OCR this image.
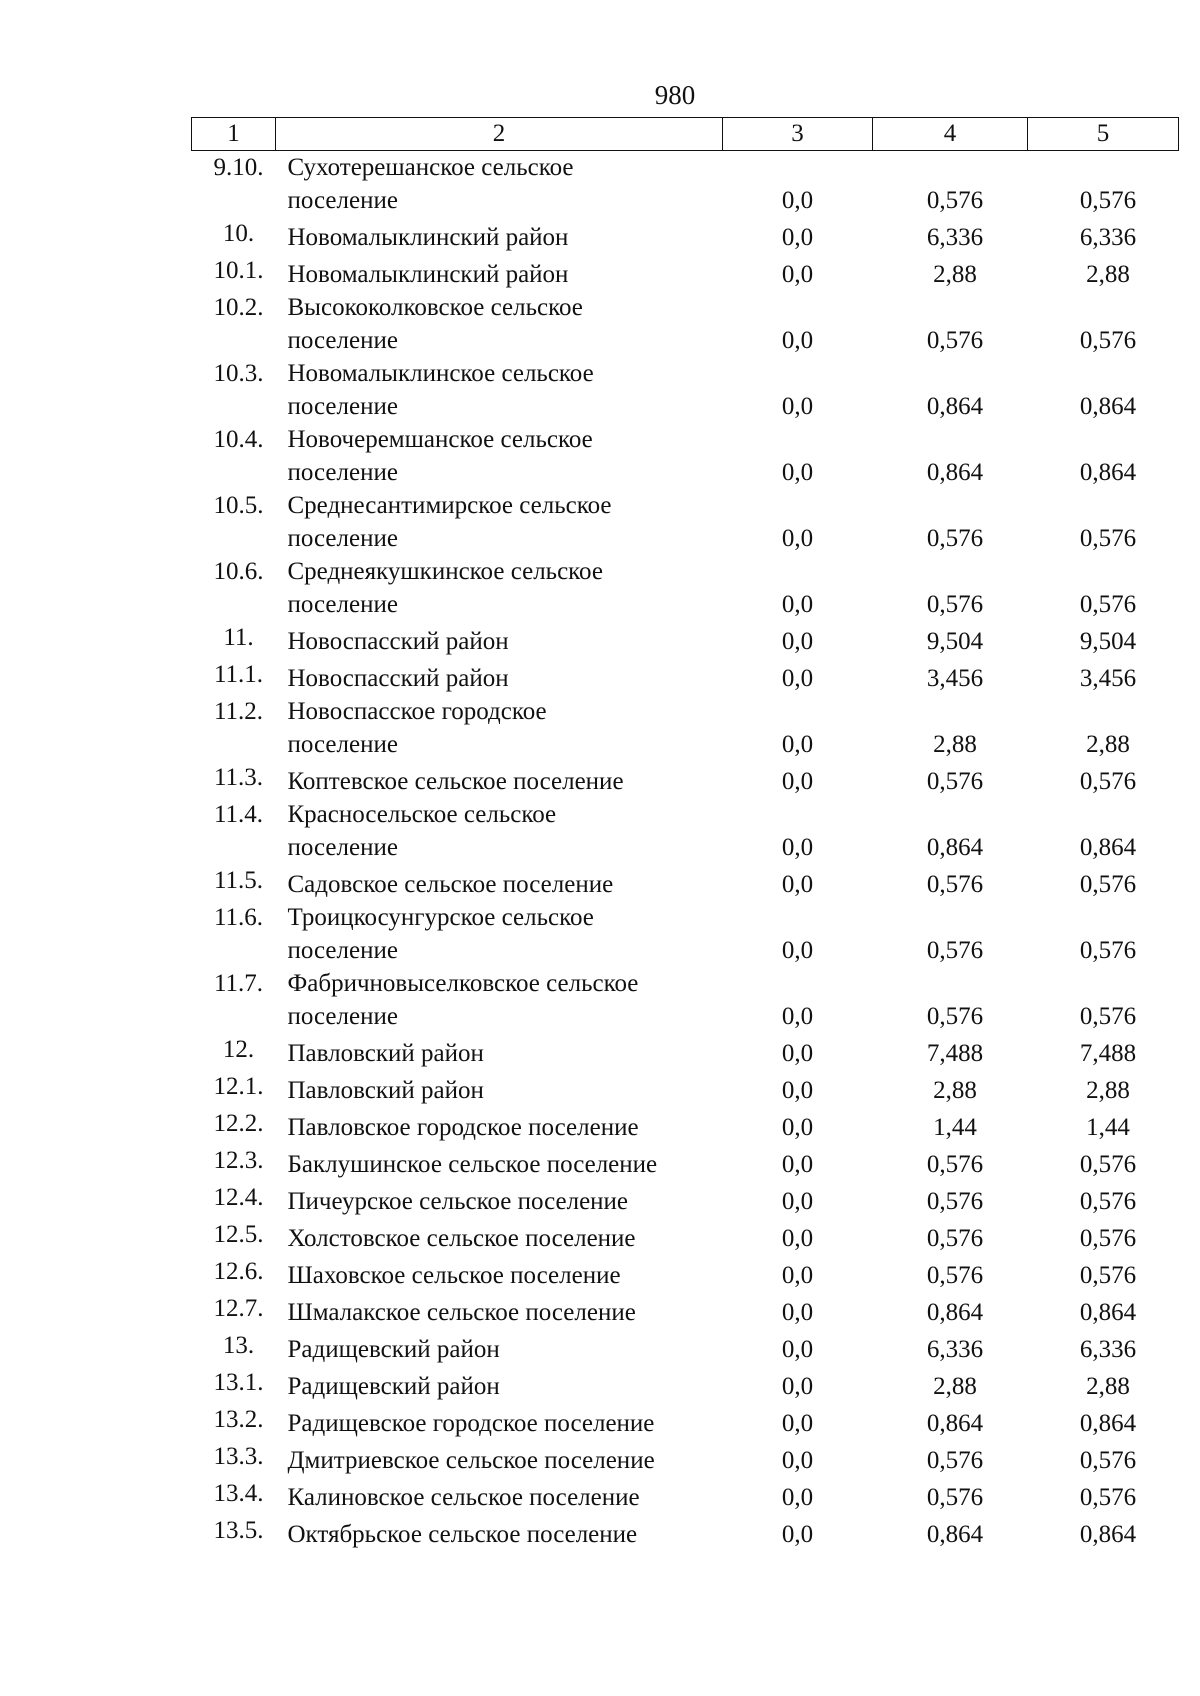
980
1	2	3	4	5
9.10.	Сухотерешанское сельское
поселение	0,0	0,576	0,576
10.	Новомалыклинский район	0,0	6,336	6,336
10.1.	Новомалыклинский район	0,0	2,88	2,88
10.2.	Высококолковское сельское
поселение	0,0	0,576	0,576
10.3.	Новомалыклинское сельское
поселение	0,0	0,864	0,864
10.4.	Новочеремшанское сельское
поселение	0,0	0,864	0,864
10.5.	Среднесантимирское сельское
поселение	0,0	0,576	0,576
10.6.	Среднеякушкинское сельское
поселение	0,0	0,576	0,576
11.	Новоспасский район	0,0	9,504	9,504
11.1.	Новоспасский район	0,0	3,456	3,456
11.2.	Новоспасское городское
поселение	0,0	2,88	2,88
11.3.	Коптевское сельское поселение	0,0	0,576	0,576
11.4.	Красносельское сельское
поселение	0,0	0,864	0,864
11.5.	Садовское сельское поселение	0,0	0,576	0,576
11.6.	Троицкосунгурское сельское
поселение	0,0	0,576	0,576
11.7.	Фабричновыселковское сельское
поселение	0,0	0,576	0,576
12.	Павловский район	0,0	7,488	7,488
12.1.	Павловский район	0,0	2,88	2,88
12.2.	Павловское городское поселение	0,0	1,44	1,44
12.3.	Баклушинское сельское поселение	0,0	0,576	0,576
12.4.	Пичеурское сельское поселение	0,0	0,576	0,576
12.5.	Холстовское сельское поселение	0,0	0,576	0,576
12.6.	Шаховское сельское поселение	0,0	0,576	0,576
12.7.	Шмалакское сельское поселение	0,0	0,864	0,864
13.	Радищевский район	0,0	6,336	6,336
13.1.	Радищевский район	0,0	2,88	2,88
13.2.	Радищевское городское поселение	0,0	0,864	0,864
13.3.	Дмитриевское сельское поселение	0,0	0,576	0,576
13.4.	Калиновское сельское поселение	0,0	0,576	0,576
13.5.	Октябрьское сельское поселение	0,0	0,864	0,864
